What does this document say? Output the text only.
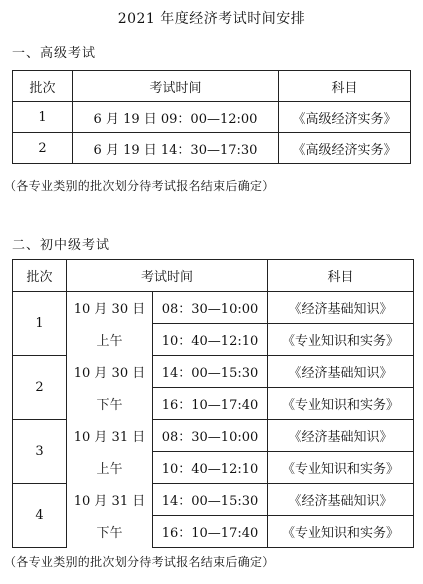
2021 年度经济考试时间安排
一、高级考试
批次	考试时间	科目
1	6 月 19 日 09：00—12:00	《高级经济实务》
2	6 月 19 日 14：30—17:30	《高级经济实务》
（各专业类别的批次划分待考试报名结束后确定）
二、初中级考试
批次	考试时间		科目
1	10 月 30 日	08：30—10:00	《经济基础知识》
	上午	10：40—12:10	《专业知识和实务》
2	10 月 30 日	14：00—15:30	《经济基础知识》
	下午	16：10—17:40	《专业知识和实务》
3	10 月 31 日	08：30—10:00	《经济基础知识》
	上午	10：40—12:10	《专业知识和实务》
4	10 月 31 日	14：00—15:30	《经济基础知识》
	下午	16：10—17:40	《专业知识和实务》
（各专业类别的批次划分待考试报名结束后确定）
